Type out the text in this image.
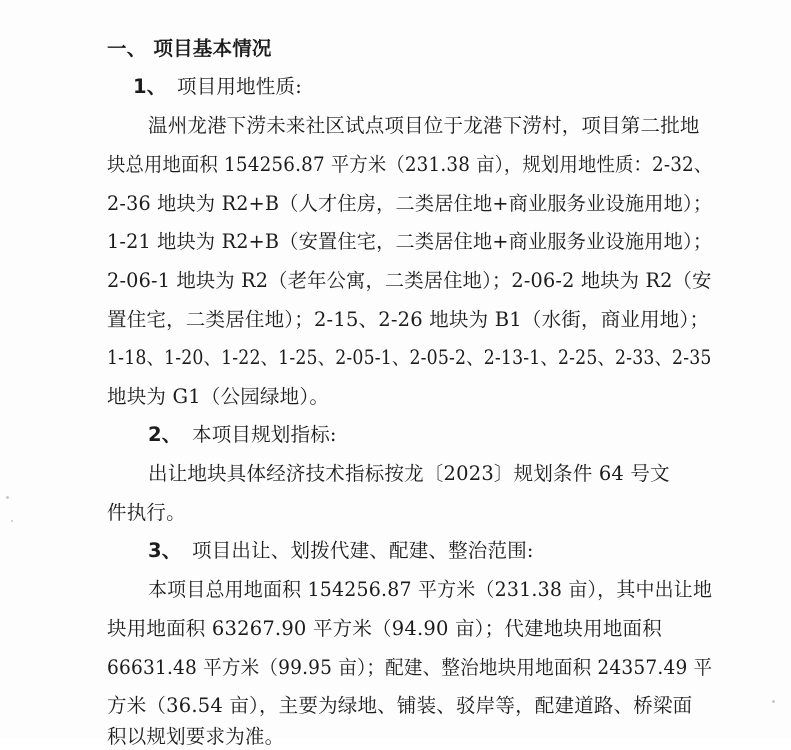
一、 项目基本情况
1、 项目用地性质:
温州龙港下涝未来社区试点项目位于龙港下涝村，项目第二批地
块总用地面积 154256.87 平方米（231.38 亩），规划用地性质：2-32、
2-36 地块为 R2+B（人才住房，二类居住地+商业服务业设施用地）；
1-21 地块为 R2+B（安置住宅，二类居住地+商业服务业设施用地）；
2-06-1 地块为 R2（老年公寓，二类居住地）；2-06-2 地块为 R2（安
置住宅，二类居住地）；2-15、2-26 地块为 B1（水街，商业用地）；
1-18、1-20、1-22、1-25、2-05-1、2-05-2、2-13-1、2-25、2-33、2-35
地块为 G1（公园绿地）。
2、 本项目规划指标:
出让地块具体经济技术指标按龙〔2023〕规划条件 64 号文
件执行。
3、 项目出让、划拨代建、配建、整治范围:
本项目总用地面积 154256.87 平方米（231.38 亩），其中出让地
块用地面积 63267.90 平方米（94.90 亩）；代建地块用地面积
66631.48 平方米（99.95 亩）；配建、整治地块用地面积 24357.49 平
方米（36.54 亩），主要为绿地、铺装、驳岸等，配建道路、桥梁面
积以规划要求为准。
